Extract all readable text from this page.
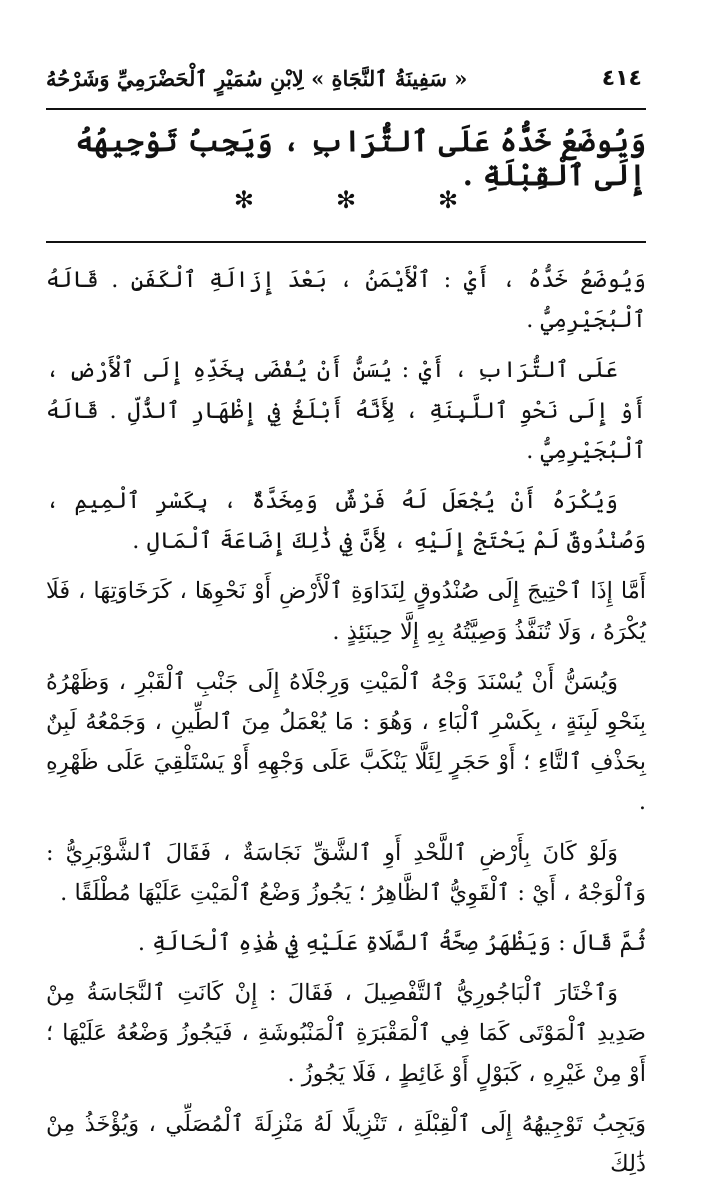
٤١٤
« سَفِينَةُ ٱلنَّجَاةِ » لِابْنِ سُمَيْرٍ ٱلْحَضْرَمِيِّ وَشَرْحُهُ
وَيُوضَعُ خَدُّهُ عَلَى ٱلتُّرَابِ ، وَيَجِبُ تَوْجِيهُهُ إِلَى ٱلْقِبْلَةِ .
✻	✻	✻

وَيُوضَعُ خَدُّهُ ، أَيْ : ٱلْأَيْمَنُ ، بَعْدَ إِزَالَةِ ٱلْكَفَنِ . قَالَهُ ٱلْبُجَيْرِمِيُّ .

عَلَى ٱلتُّرَابِ ، أَيْ : يُسَنُّ أَنْ يُفْضَى بِخَدِّهِ إِلَى ٱلْأَرْضِ ، أَوْ إِلَى نَحْوِ ٱللَّبِنَةِ ، لِأَنَّهُ أَبْلَغُ فِي إِظْهَارِ ٱلذُّلِّ . قَالَهُ ٱلْبُجَيْرِمِيُّ .

وَيُكْرَهُ أَنْ يُجْعَلَ لَهُ فَرْشٌ وَمِخَدَّةٌ ، بِكَسْرِ ٱلْمِيمِ ، وَصُنْدُوقٌ لَمْ يَحْتَجْ إِلَيْهِ ، لِأَنَّ فِي ذَٰلِكَ إِضَاعَةَ ٱلْمَالِ .

أَمَّا إِذَا ٱحْتِيجَ إِلَى صُنْدُوقٍ لِنَدَاوَةِ ٱلْأَرْضِ أَوْ نَحْوِهَا ، كَرَخَاوَتِهَا ، فَلَا يُكْرَهُ ، وَلَا تُنَفَّذُ وَصِيَّتُهُ بِهِ إِلَّا حِينَئِذٍ .

وَيُسَنُّ أَنْ يُسْنَدَ وَجْهُ ٱلْمَيْتِ وَرِجْلَاهُ إِلَى جَنْبِ ٱلْقَبْرِ ، وَظَهْرُهُ بِنَحْوِ لَبِنَةٍ ، بِكَسْرِ ٱلْبَاءِ ، وَهُوَ : مَا يُعْمَلُ مِنَ ٱلطِّينِ ، وَجَمْعُهُ لَبِنٌ بِحَذْفِ ٱلتَّاءِ ؛ أَوْ حَجَرٍ لِئَلَّا يَنْكَبَّ عَلَى وَجْهِهِ أَوْ يَسْتَلْقِيَ عَلَى ظَهْرِهِ .

وَلَوْ كَانَ بِأَرْضِ ٱللَّحْدِ أَوِ ٱلشَّقِّ نَجَاسَةٌ ، فَقَالَ ٱلشَّوْبَرِيُّ : وَٱلْوَجْهُ ، أَيْ : ٱلْقَوِيُّ ٱلظَّاهِرُ ؛ يَجُوزُ وَضْعُ ٱلْمَيْتِ عَلَيْهَا مُطْلَقًا .

ثُمَّ قَالَ : وَيَظْهَرُ صِحَّةُ ٱلصَّلَاةِ عَلَيْهِ فِي هَٰذِهِ ٱلْحَالَةِ .

وَٱخْتَارَ ٱلْبَاجُورِيُّ ٱلتَّفْصِيلَ ، فَقَالَ : إِنْ كَانَتِ ٱلنَّجَاسَةُ مِنْ صَدِيدِ ٱلْمَوْتَى كَمَا فِي ٱلْمَقْبَرَةِ ٱلْمَنْبُوشَةِ ، فَيَجُوزُ وَضْعُهُ عَلَيْهَا ؛ أَوْ مِنْ غَيْرِهِ ، كَبَوْلٍ أَوْ غَائِطٍ ، فَلَا يَجُوزُ .

وَيَجِبُ تَوْجِيهُهُ إِلَى ٱلْقِبْلَةِ ، تَنْزِيلًا لَهُ مَنْزِلَةَ ٱلْمُصَلِّي ، وَيُؤْخَذُ مِنْ ذَٰلِكَ
